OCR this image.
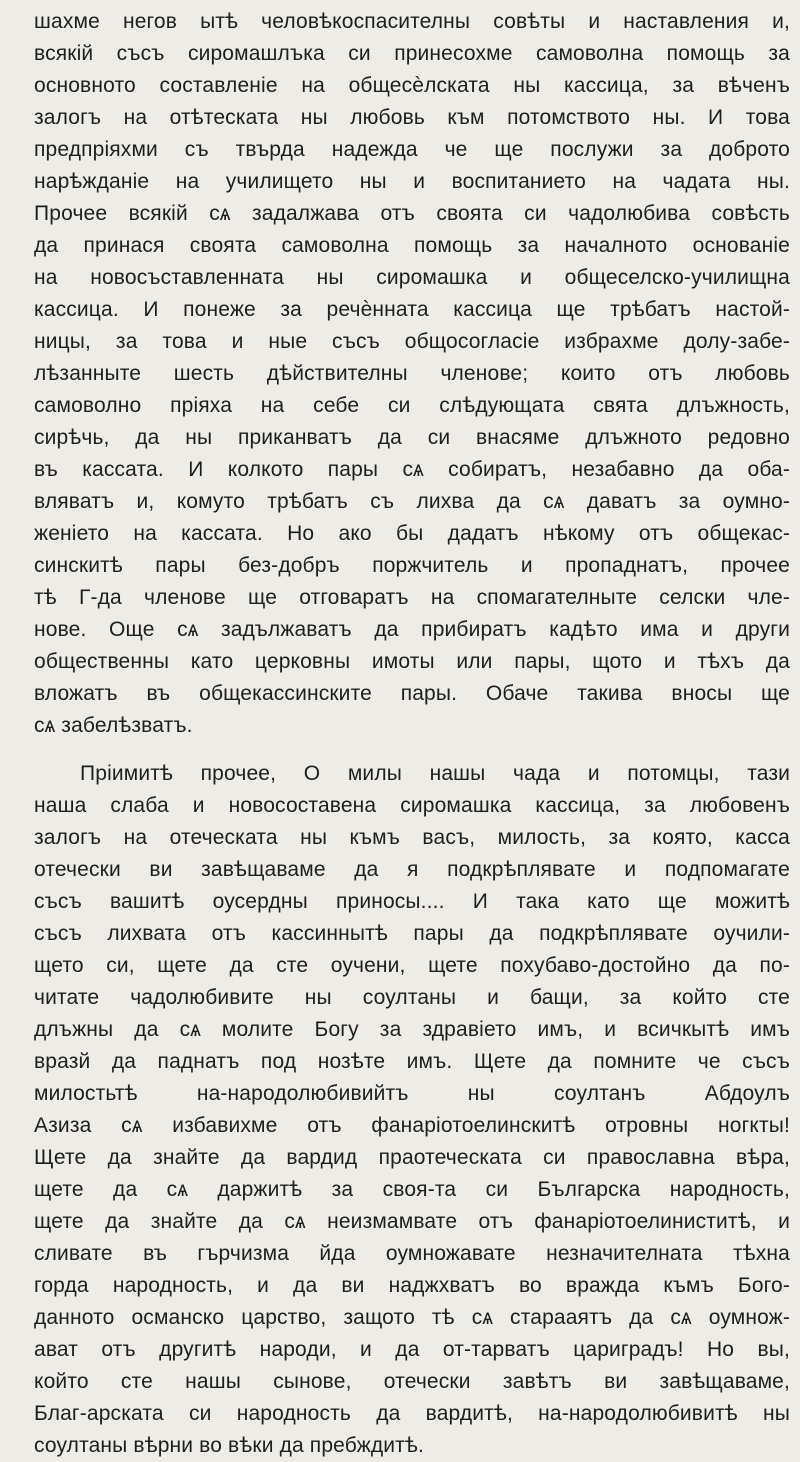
шахме негов ытѣ человѣкоспасителны совѣты и наставления и,
всякій съсъ сиромашлъка си принесохме самоволна помощь за
основното составленіе на общесѐлската ны кассица, за вѣченъ
залогъ на отѣтеската ны любовь към потомството ны. И това
предпріяхми съ твърда надежда че ще послужи за доброто
нарѣжданіе на училището ны и воспитанието на чадата ны.
Прочее всякій сѧ задалжава отъ своята си чадолюбива совѣсть
да принася своята самоволна помощь за началното основаніе
на новосъставленната ны сиромашка и общеселско-училищна
кассица. И понеже за речѐнната кассица ще трѣбатъ настой-
ницы, за това и ные съсъ общосогласіе избрахме долу-забе-
лѣзанныте шесть дѣйствителны членове; които отъ любовь
самоволно пріяха на себе си слѣдующата свята длъжность,
сирѣчь, да ны приканватъ да си внасяме длъжното редовно
въ кассата. И колкото пары сѧ собиратъ, незабавно да оба-
вляватъ и, комуто трѣбатъ съ лихва да сѧ даватъ за оумно-
женіето на кассата. Но ако бы дадатъ нѣкому отъ общекас-
синскитѣ пары без-добръ поржчитель и пропаднатъ, прочее
тѣ Г-да членове ще отговаратъ на спомагателныте селски чле-
нове. Още сѧ задължаватъ да прибиратъ кадѣто има и други
общественны като церковны имоты или пары, щото и тѣхъ да
вложатъ въ общекассинските пары. Обаче такива вносы ще
сѧ забелѣзватъ.
Пріимитѣ прочее, О милы нашы чада и потомцы, тази
наша слаба и новосоставена сиромашка кассица, за любовенъ
залогъ на отеческата ны къмъ васъ, милость, за която, касса
отечески ви завѣщаваме да я подкрѣплявате и подпомагате
съсъ вашитѣ оусердны приносы.... И така като ще можитѣ
съсъ лихвата отъ кассиннытѣ пары да подкрѣплявате оучили-
щето си, щете да сте оучени, щете похубаво-достойно да по-
читате чадолюбивите ны соултаны и бащи, за който сте
длъжны да сѧ молите Богу за здравіето имъ, и всичкытѣ имъ
вразй да паднатъ под нозѣте имъ. Щете да помните че съсъ
милостьтѣ на-народолюбивийтъ ны соултанъ Абдоулъ
Азиза сѧ избавихме отъ фанаріотоелинскитѣ отровны ногкты!
Щете да знайте да вардид праотеческата си православна вѣра,
щете да сѧ даржитѣ за своя-та си Българска народность,
щете да знайте да сѧ неизмамвате отъ фанаріотоелиниститѣ, и
сливате въ гърчизма йда оумножавате незначителната тѣхна
горда народность, и да ви наджхватъ во вражда къмъ Бого-
данното османско царство, защото тѣ сѧ старааятъ да сѧ оумнож-
ават отъ другитѣ народи, и да от-тарватъ цариградъ! Но вы,
който сте нашы сынове, отечески завѣтъ ви завѣщаваме,
Благ-арската си народность да вардитѣ, на-народолюбивитѣ ны
соултаны вѣрни во вѣки да пребждитѣ.
